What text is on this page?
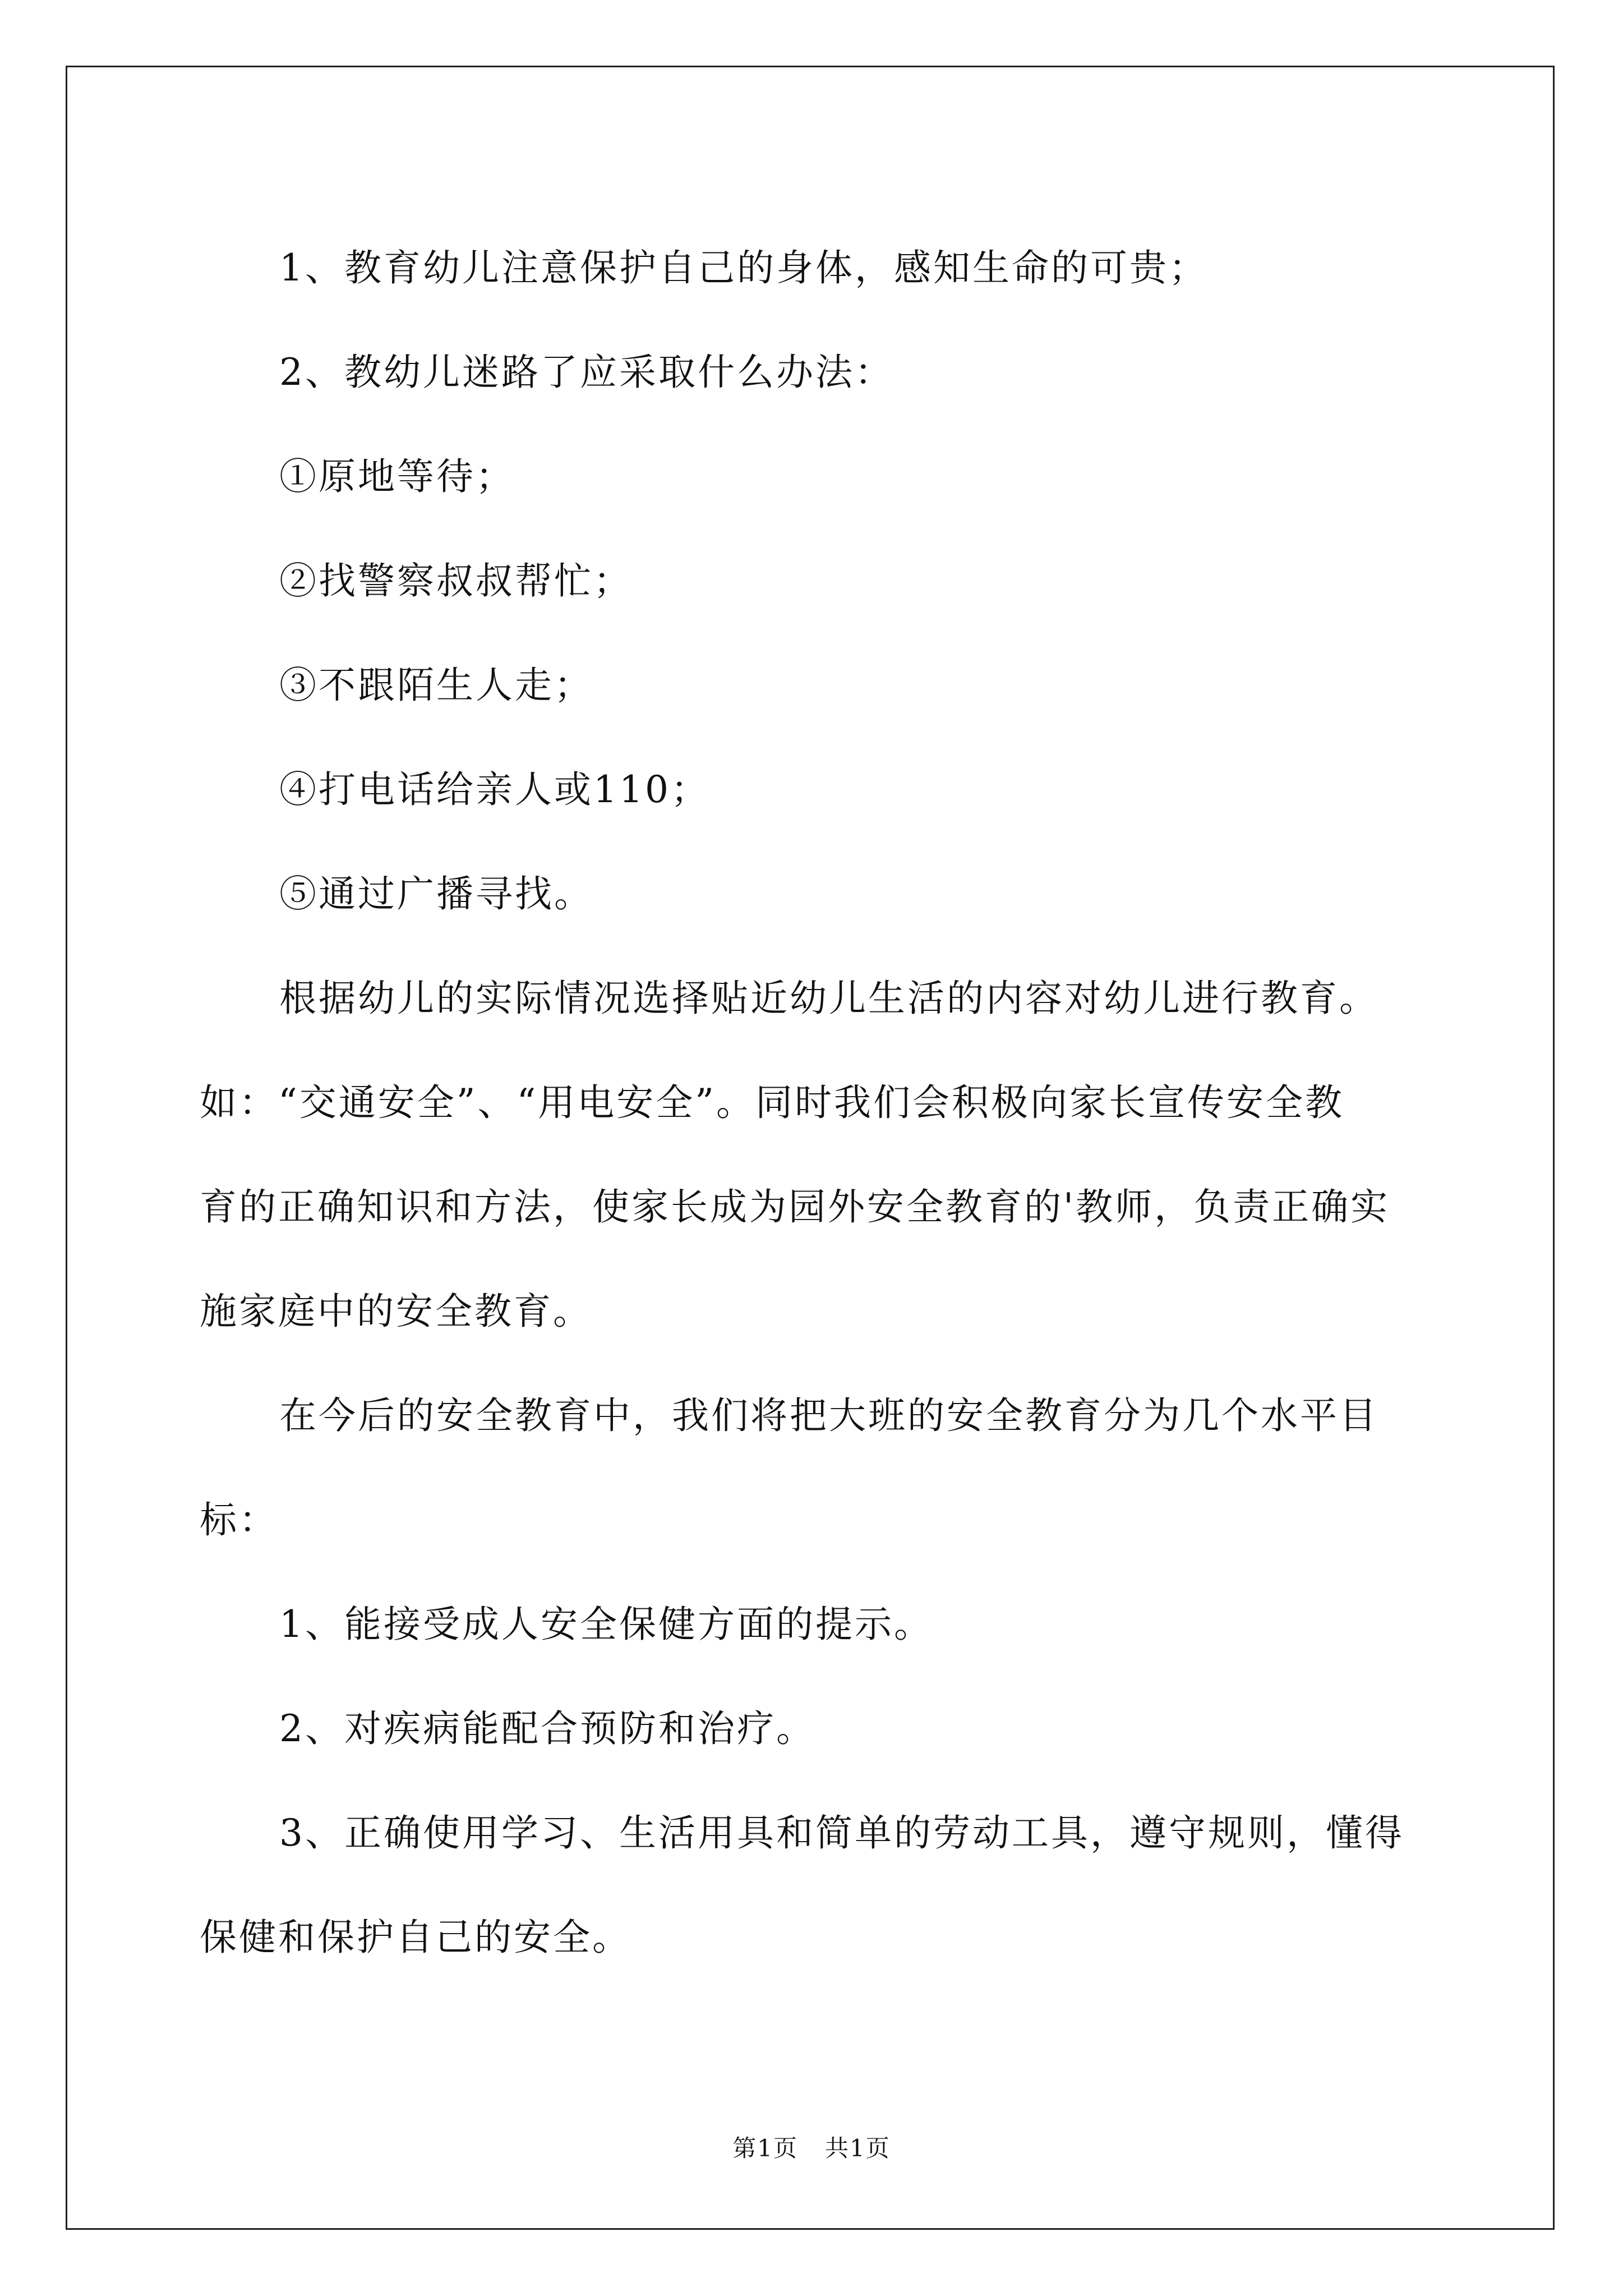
1、教育幼儿注意保护自己的身体，感知生命的可贵；

2、教幼儿迷路了应采取什么办法：

①原地等待；

②找警察叔叔帮忙；

③不跟陌生人走；

④打电话给亲人或110；

⑤通过广播寻找。

根据幼儿的实际情况选择贴近幼儿生活的内容对幼儿进行教育。

如：“交通安全”、“用电安全”。同时我们会积极向家长宣传安全教

育的正确知识和方法，使家长成为园外安全教育的'教师，负责正确实

施家庭中的安全教育。

在今后的安全教育中，我们将把大班的安全教育分为几个水平目

标：

1、能接受成人安全保健方面的提示。

2、对疾病能配合预防和治疗。

3、正确使用学习、生活用具和简单的劳动工具，遵守规则，懂得

保健和保护自己的安全。

第1页 共1页
